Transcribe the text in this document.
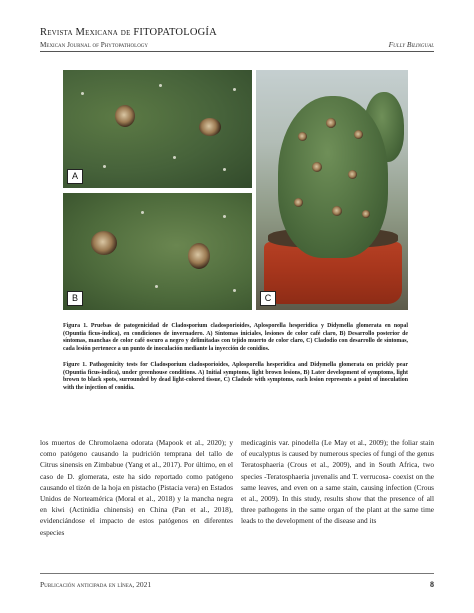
Revista Mexicana de FITOPATOLOGÍA
Mexican Journal of Phytopathology	Fully Bilingual
A
B	C
Figura 1. Pruebas de patogenicidad de Cladosporium cladosporioides, Aplosporella hesperidica y Didymella glomerata en nopal (Opuntia ficus-indica), en condiciones de invernadero. A) Síntomas iniciales, lesiones de color café claro, B) Desarrollo posterior de síntomas, manchas de color café oscuro a negro y delimitadas con tejido muerto de color claro, C) Cladodio con desarrollo de síntomas, cada lesión pertenece a un punto de inoculación mediante la inyección de conidios.
Figure 1. Pathogenicity tests for Cladosporium cladosporioides, Aplosporella hesperidica and Didymella glomerata on prickly pear (Opuntia ficus-indica), under greenhouse conditions. A) Initial symptoms, light brown lesions, B) Later development of symptoms, light brown to black spots, surrounded by dead light-colored tissue, C) Cladode with symptoms, each lesion represents a point of inoculation with the injection of conidia.
los muertos de Chromolaena odorata (Mapook et al., 2020); y como patógeno causando la pudrición temprana del tallo de Citrus sinensis en Zimbabue (Yang et al., 2017). Por último, en el caso de D. glomerata, este ha sido reportado como patógeno causando el tizón de la hoja en pistacho (Pistacia vera) en Estados Unidos de Norteamérica (Moral et al., 2018) y la mancha negra en kiwi (Actinidia chinensis) en China (Pan et al., 2018), evidenciándose el impacto de estos patógenos en diferentes especies
medicaginis var. pinodella (Le May et al., 2009); the foliar stain of eucalyptus is caused by numerous species of fungi of the genus Teratosphaeria (Crous et al., 2009), and in South Africa, two species -Teratosphaeria juvenalis and T. verrucosa- coexist on the same leaves, and even on a same stain, causing infection (Crous et al., 2009). In this study, results show that the presence of all three pathogens in the same organ of the plant at the same time leads to the development of the disease and its
Publicación anticipada en línea, 2021	8
